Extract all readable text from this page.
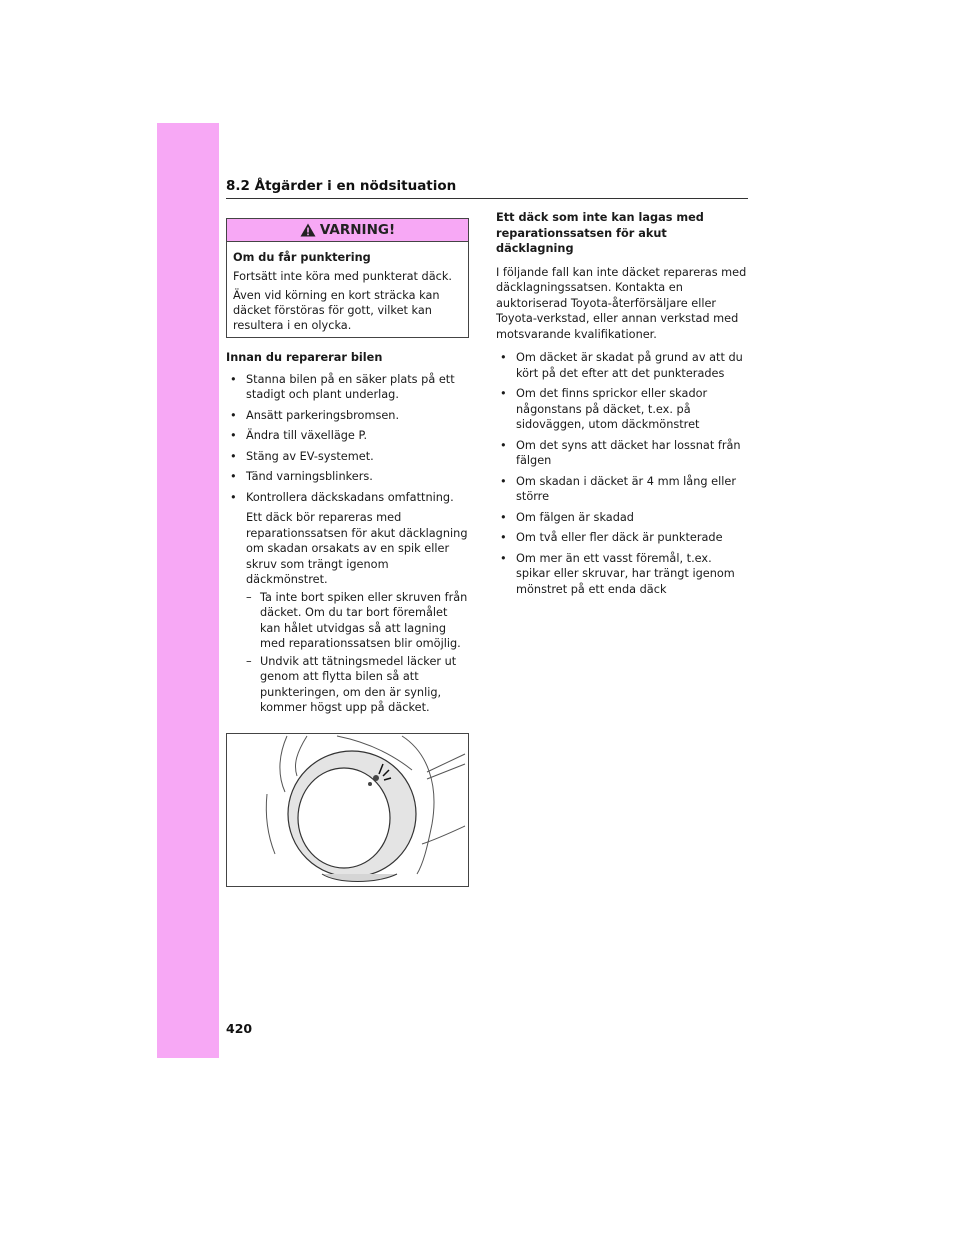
8.2 Åtgärder i en nödsituation
VARNING!
Om du får punktering

Fortsätt inte köra med punkterat däck.

Även vid körning en kort sträcka kan däcket förstöras för gott, vilket kan resultera i en olycka.

Innan du reparerar bilen
• Stanna bilen på en säker plats på ett stadigt och plant underlag.
• Ansätt parkeringsbromsen.
• Ändra till växelläge P.
• Stäng av EV-systemet.
• Tänd varningsblinkers.
• Kontrollera däckskadans omfattning.
Ett däck bör repareras med reparationssatsen för akut däcklagning om skadan orsakats av en spik eller skruv som trängt igenom däckmönstret.
– Ta inte bort spiken eller skruven från däcket. Om du tar bort föremålet kan hålet utvidgas så att lagning med reparationssatsen blir omöjlig.
– Undvik att tätningsmedel läcker ut genom att flytta bilen så att punkteringen, om den är synlig, kommer högst upp på däcket.
Ett däck som inte kan lagas med reparationssatsen för akut däcklagning
I följande fall kan inte däcket repareras med däcklagningssatsen. Kontakta en auktoriserad Toyota-återförsäljare eller Toyota-verkstad, eller annan verkstad med motsvarande kvalifikationer.
• Om däcket är skadat på grund av att du kört på det efter att det punkterades
• Om det finns sprickor eller skador någonstans på däcket, t.ex. på sidoväggen, utom däckmönstret
• Om det syns att däcket har lossnat från fälgen
• Om skadan i däcket är 4 mm lång eller större
• Om fälgen är skadad
• Om två eller fler däck är punkterade
• Om mer än ett vasst föremål, t.ex. spikar eller skruvar, har trängt igenom mönstret på ett enda däck
420
